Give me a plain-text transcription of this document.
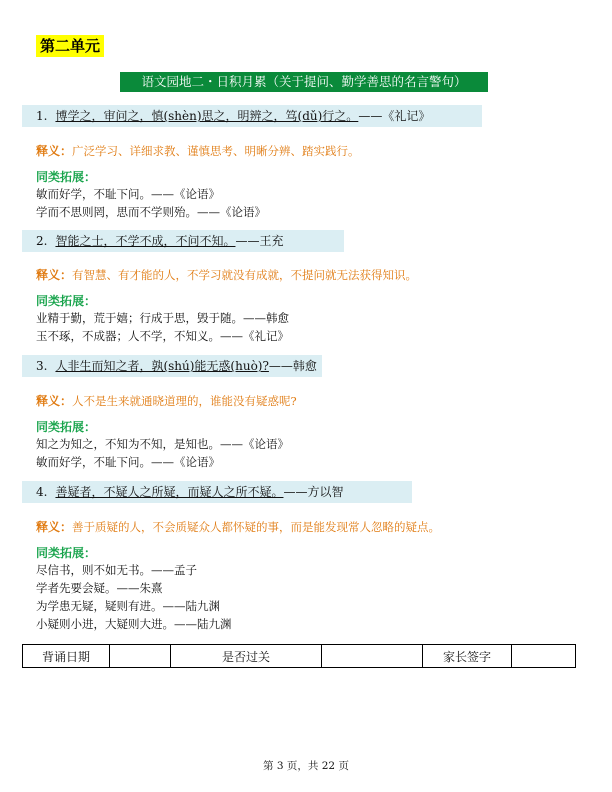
第二单元
语文园地二・日积月累（关于提问、勤学善思的名言警句）
1. 博学之，审问之，慎(shèn)思之，明辨之，笃(dǔ)行之。——《礼记》
释义：广泛学习、详细求教、谨慎思考、明晰分辨、踏实践行。
同类拓展：
敏而好学，不耻下问。——《论语》
学而不思则罔，思而不学则殆。——《论语》
2. 智能之士，不学不成，不问不知。——王充
释义：有智慧、有才能的人，不学习就没有成就，不提问就无法获得知识。
同类拓展：
业精于勤，荒于嬉；行成于思，毁于随。——韩愈
玉不琢，不成器；人不学，不知义。——《礼记》
3. 人非生而知之者，孰(shú)能无惑(huò)?——韩愈
释义：人不是生来就通晓道理的，谁能没有疑惑呢?
同类拓展：
知之为知之，不知为不知，是知也。——《论语》
敏而好学，不耻下问。——《论语》
4. 善疑者，不疑人之所疑，而疑人之所不疑。——方以智
释义：善于质疑的人，不会质疑众人都怀疑的事，而是能发现常人忽略的疑点。
同类拓展：
尽信书，则不如无书。——孟子
学者先要会疑。——朱熹
为学患无疑，疑则有进。——陆九渊
小疑则小进，大疑则大进。——陆九渊
背诵日期		是否过关		家长签字	
第 3 页，共 22 页
